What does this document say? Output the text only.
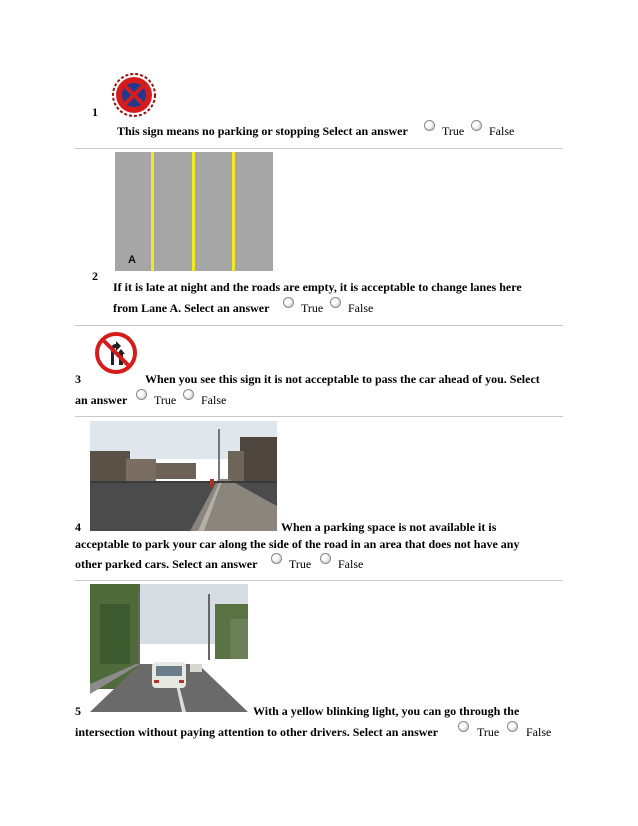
1
This sign means no parking or stopping Select an answer	True False
A
2
If it is late at night and the roads are empty, it is acceptable to change lanes here
from Lane A. Select an answer	True False
3	When you see this sign it is not acceptable to pass the car ahead of you. Select
an answer True False
4	When a parking space is not available it is
acceptable to park your car along the side of the road in an area that does not have any
other parked cars. Select an answer	True False
5	With a yellow blinking light, you can go through the
intersection without paying attention to other drivers. Select an answer	True False
